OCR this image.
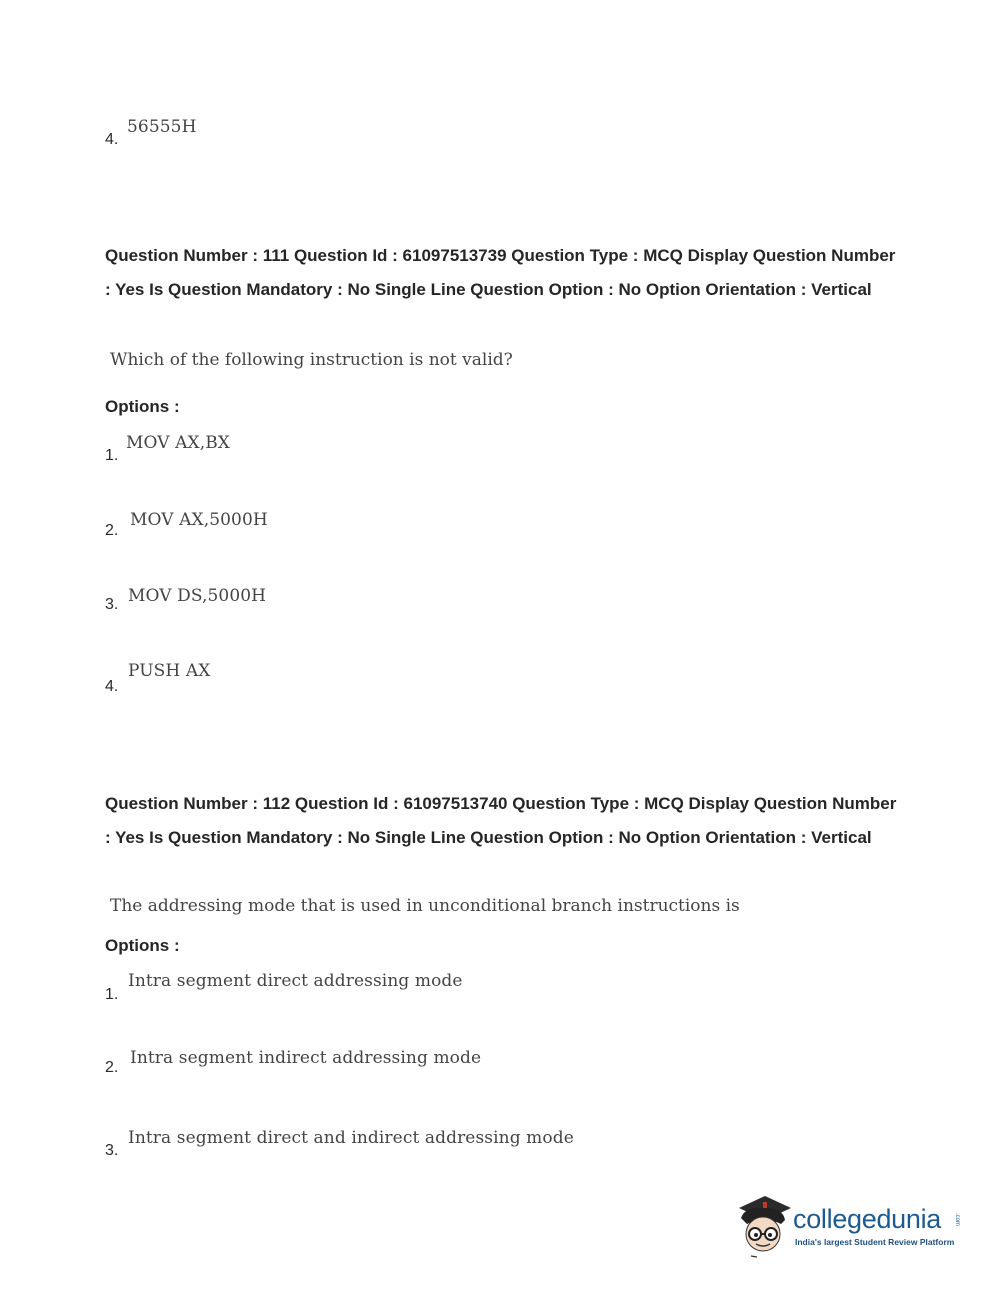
4.
56555H
Question Number : 111 Question Id : 61097513739 Question Type : MCQ Display Question Number : Yes Is Question Mandatory : No Single Line Question Option : No Option Orientation : Vertical
Which of the following instruction is not valid?
Options :
1.
MOV AX,BX
2.
MOV AX,5000H
3. MOV DS,5000H
4.
PUSH AX
Question Number : 112 Question Id : 61097513740 Question Type : MCQ Display Question Number : Yes Is Question Mandatory : No Single Line Question Option : No Option Orientation : Vertical
The addressing mode that is used in unconditional branch instructions is
Options :
1.
Intra segment direct addressing mode
2. Intra segment indirect addressing mode
3.
Intra segment direct and indirect addressing mode
collegedunia .com
India's largest Student Review Platform
